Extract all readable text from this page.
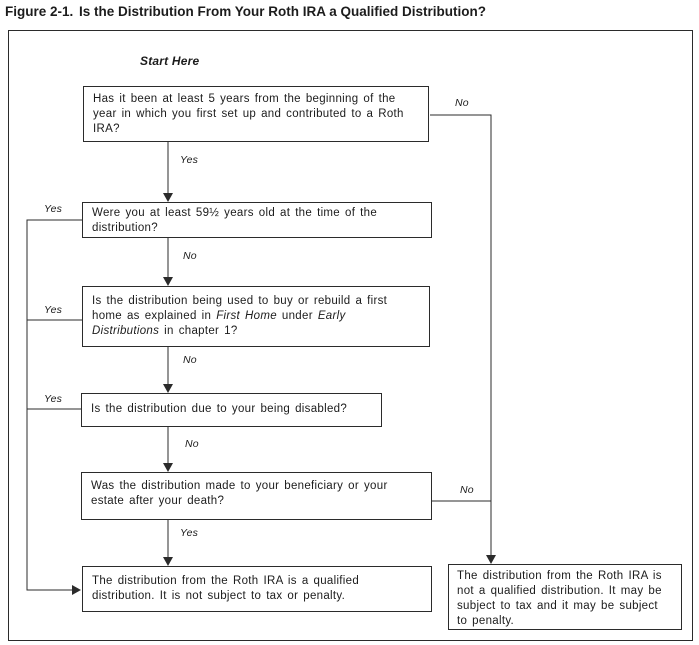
Figure 2-1. Is the Distribution From Your Roth IRA a Qualified Distribution?
Start Here
Has it been at least 5 years from the beginning of the
year in which you first set up and contributed to a Roth
IRA?
Were you at least 59½ years old at the time of the
distribution?
Is the distribution being used to buy or rebuild a first
home as explained in First Home under Early
Distributions in chapter 1?
Is the distribution due to your being disabled?
Was the distribution made to your beneficiary or your
estate after your death?
The distribution from the Roth IRA is a qualified
distribution. It is not subject to tax or penalty.
The distribution from the Roth IRA is
not a qualified distribution. It may be
subject to tax and it may be subject
to penalty.
No
Yes
Yes
No
Yes
No
Yes
No
No
Yes
